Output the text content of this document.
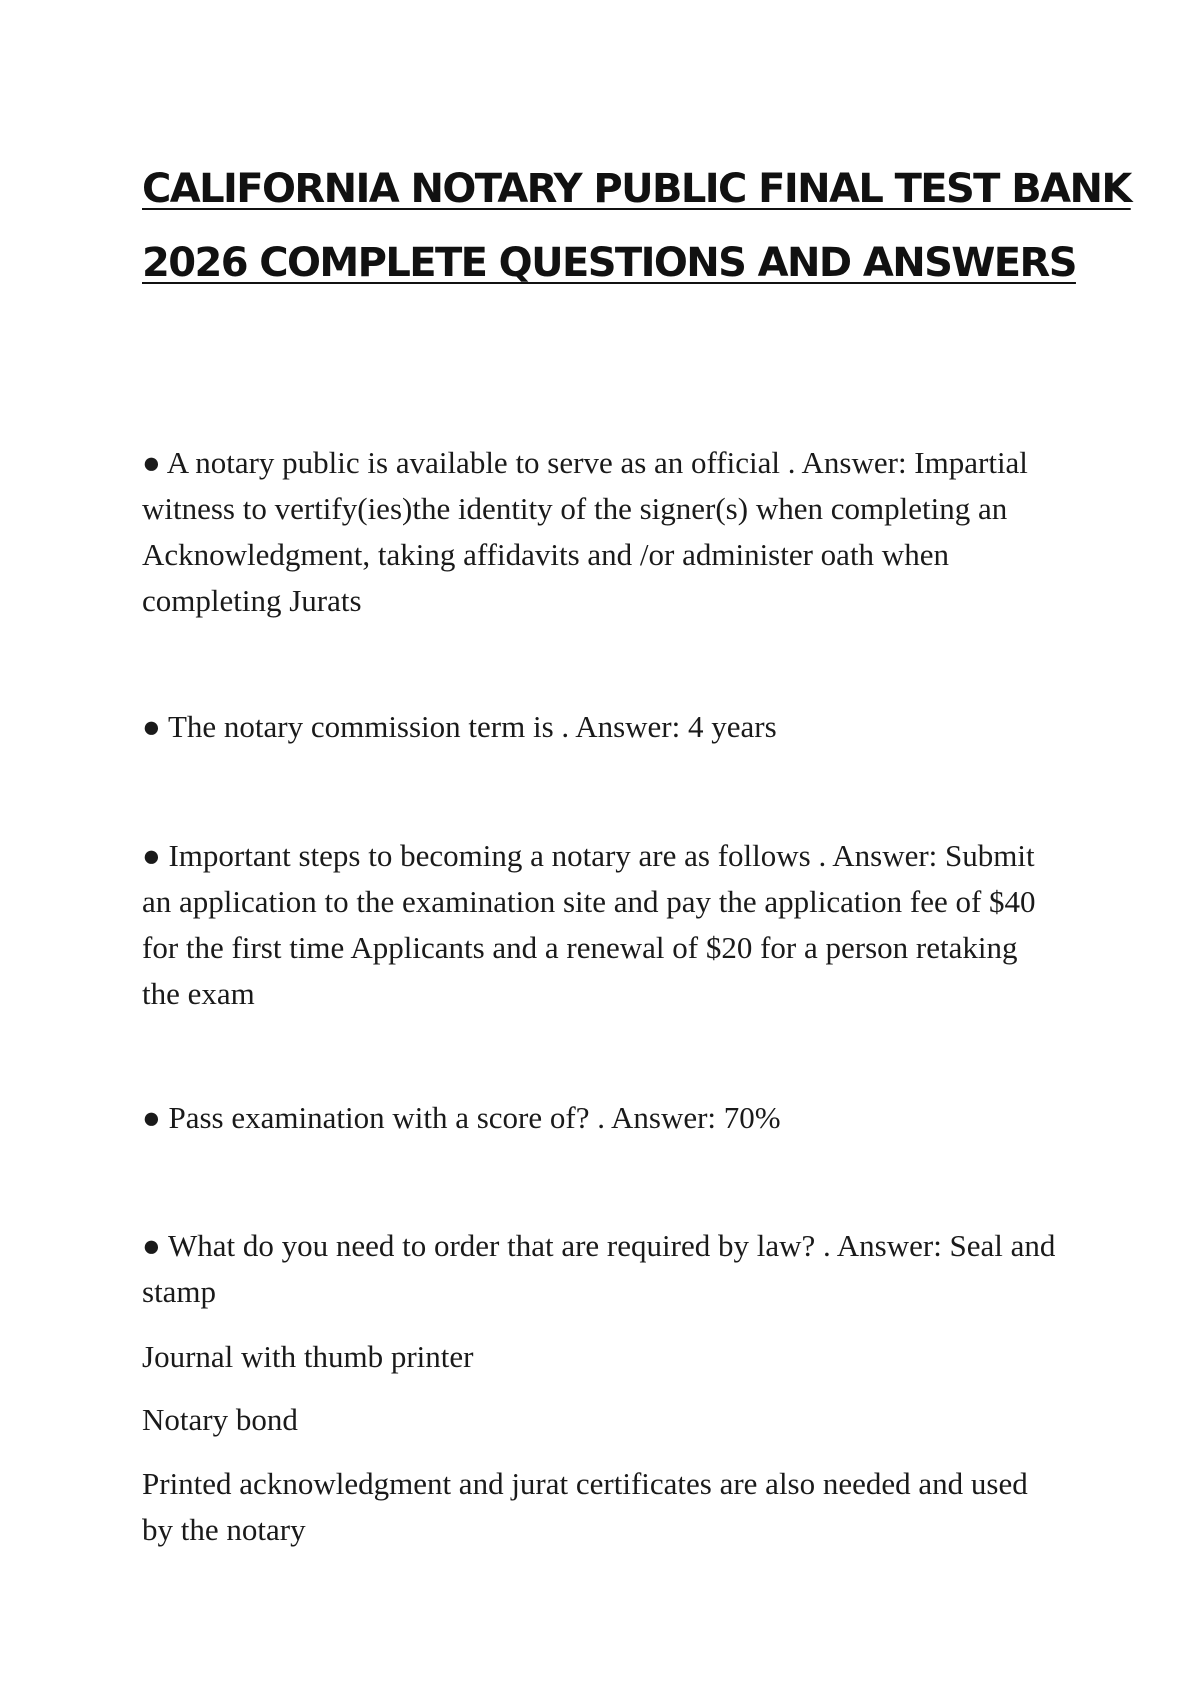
CALIFORNIA NOTARY PUBLIC FINAL TEST BANK
2026 COMPLETE QUESTIONS AND ANSWERS

● A notary public is available to serve as an official . Answer: Impartial witness to vertify(ies)the identity of the signer(s) when completing an Acknowledgment, taking affidavits and /or administer oath when completing Jurats

● The notary commission term is . Answer: 4 years

● Important steps to becoming a notary are as follows . Answer: Submit an application to the examination site and pay the application fee of $40 for the first time Applicants and a renewal of $20 for a person retaking the exam

● Pass examination with a score of? . Answer: 70%

● What do you need to order that are required by law? . Answer: Seal and stamp

Journal with thumb printer

Notary bond

Printed acknowledgment and jurat certificates are also needed and used by the notary
